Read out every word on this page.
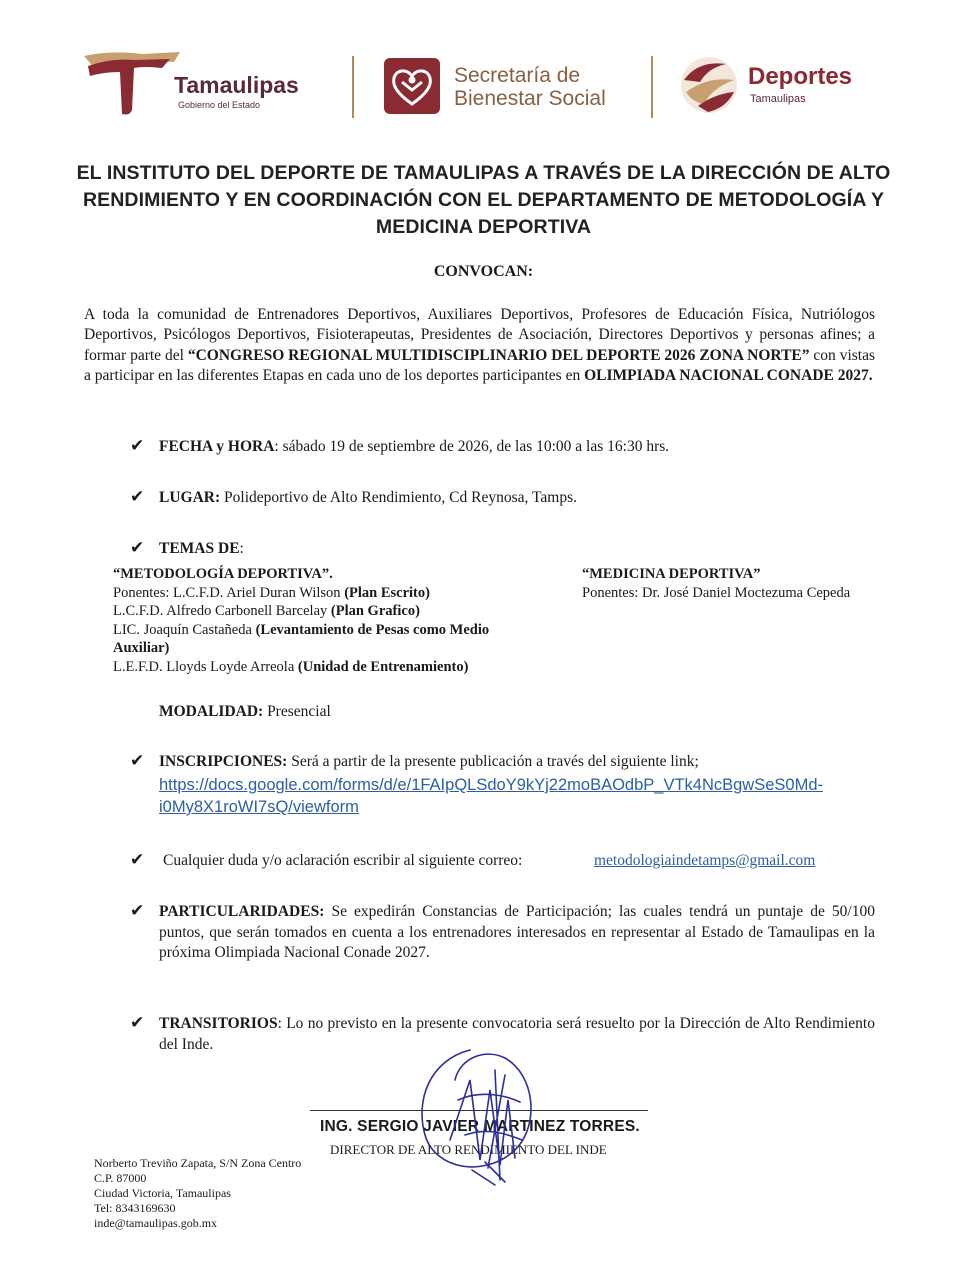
Tamaulipas
Gobierno del Estado
Secretaría de
Bienestar Social
Deportes
Tamaulipas
EL INSTITUTO DEL DEPORTE DE TAMAULIPAS A TRAVÉS DE LA DIRECCIÓN DE ALTO RENDIMIENTO Y EN COORDINACIÓN CON EL DEPARTAMENTO DE METODOLOGÍA Y MEDICINA DEPORTIVA
CONVOCAN:
A toda la comunidad de Entrenadores Deportivos, Auxiliares Deportivos, Profesores de Educación Física, Nutriólogos Deportivos, Psicólogos Deportivos, Fisioterapeutas, Presidentes de Asociación, Directores Deportivos y personas afines; a formar parte del “CONGRESO REGIONAL MULTIDISCIPLINARIO DEL DEPORTE 2026 ZONA NORTE” con vistas a participar en las diferentes Etapas en cada uno de los deportes participantes en OLIMPIADA NACIONAL CONADE 2027.
✔ FECHA y HORA: sábado 19 de septiembre de 2026, de las 10:00 a las 16:30 hrs.
✔ LUGAR: Polideportivo de Alto Rendimiento, Cd Reynosa, Tamps.
✔ TEMAS DE:
“METODOLOGÍA DEPORTIVA”.
Ponentes: L.C.F.D. Ariel Duran Wilson (Plan Escrito)
L.C.F.D. Alfredo Carbonell Barcelay (Plan Grafico)
LIC. Joaquín Castañeda (Levantamiento de Pesas como Medio Auxiliar)
L.E.F.D. Lloyds Loyde Arreola (Unidad de Entrenamiento)
“MEDICINA DEPORTIVA”
Ponentes: Dr. José Daniel Moctezuma Cepeda
MODALIDAD: Presencial
✔ INSCRIPCIONES: Será a partir de la presente publicación a través del siguiente link;
https://docs.google.com/forms/d/e/1FAIpQLSdoY9kYj22moBAOdbP_VTk4NcBgwSeS0Md-
i0My8X1roWI7sQ/viewform
✔ Cualquier duda y/o aclaración escribir al siguiente correo:	metodologiaindetamps@gmail.com
✔ PARTICULARIDADES: Se expedirán Constancias de Participación; las cuales tendrá un puntaje de 50/100 puntos, que serán tomados en cuenta a los entrenadores interesados en representar al Estado de Tamaulipas en la próxima Olimpiada Nacional Conade 2027.
✔ TRANSITORIOS: Lo no previsto en la presente convocatoria será resuelto por la Dirección de Alto Rendimiento del Inde.
ING. SERGIO JAVIER MARTINEZ TORRES.
DIRECTOR DE ALTO RENDIMIENTO DEL INDE
Norberto Treviño Zapata, S/N Zona Centro
C.P. 87000
Ciudad Victoria, Tamaulipas
Tel: 8343169630
inde@tamaulipas.gob.mx
